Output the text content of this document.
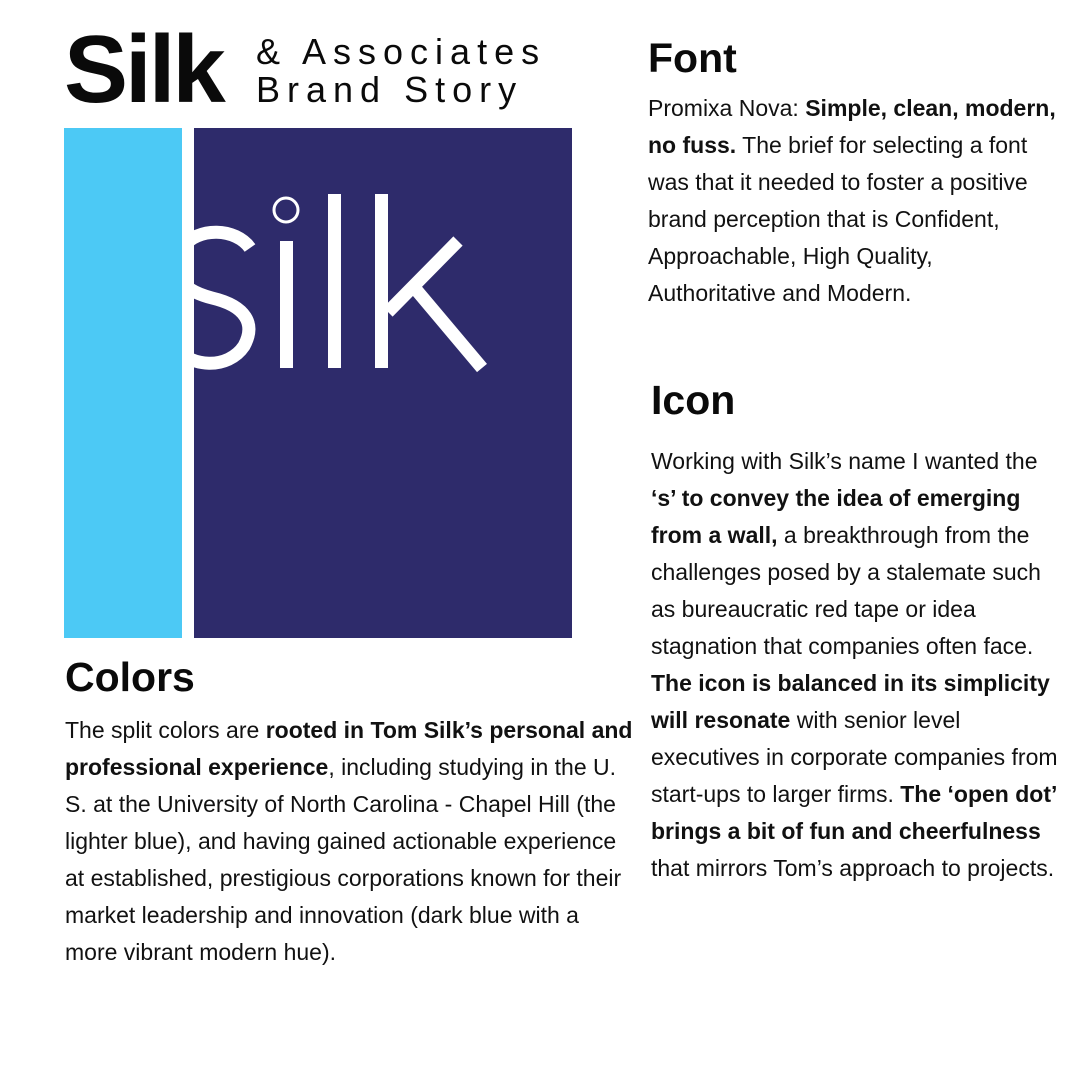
Silk & Associates
Brand Story
Font
Promixa Nova: Simple, clean, modern, no fuss. The brief for selecting a font was that it needed to foster a positive brand perception that is Confident, Approachable, High Quality, Authoritative and Modern.
Icon
Working with Silk’s name I wanted the ‘s’ to convey the idea of emerging from a wall, a breakthrough from the challenges posed by a stalemate such as bureaucratic red tape or idea stagnation that companies often face. The icon is balanced in its simplicity will resonate with senior level executives in corporate companies from start-ups to larger firms. The ‘open dot’ brings a bit of fun and cheerfulness that mirrors Tom’s approach to projects.
Colors
The split colors are rooted in Tom Silk’s personal and professional experience, including studying in the U. S. at the University of North Carolina - Chapel Hill (the lighter blue), and having gained actionable experience at established, prestigious corporations known for their market leadership and innovation (dark blue with a more vibrant modern hue).
